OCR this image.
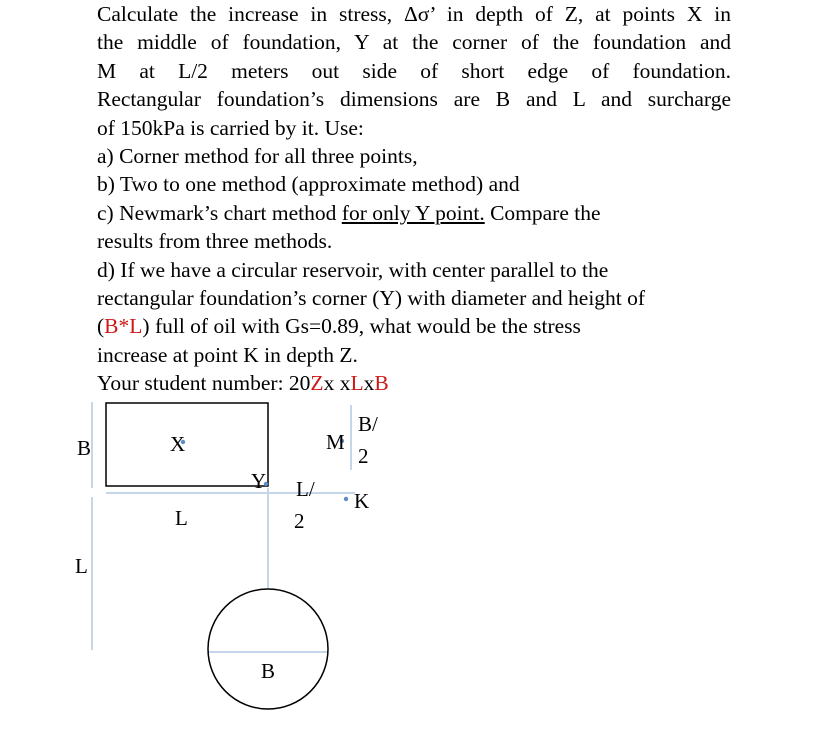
Calculate the increase in stress, Δσ’ in depth of Z, at points X in
the middle of foundation, Y at the corner of the foundation and
M at L/2 meters out side of short edge of foundation.
Rectangular foundation’s dimensions are B and L and surcharge
of 150kPa is carried by it. Use:
a) Corner method for all three points,
b) Two to one method (approximate method) and
c) Newmark’s chart method for only Y point. Compare the
results from three methods.
d) If we have a circular reservoir, with center parallel to the
rectangular foundation’s corner (Y) with diameter and height of
(B*L) full of oil with Gs=0.89, what would be the stress
increase at point K in depth Z.
Your student number: 20Zx xLxB
B	X	M
B/
2
Y L/
2
K
L
L
B
